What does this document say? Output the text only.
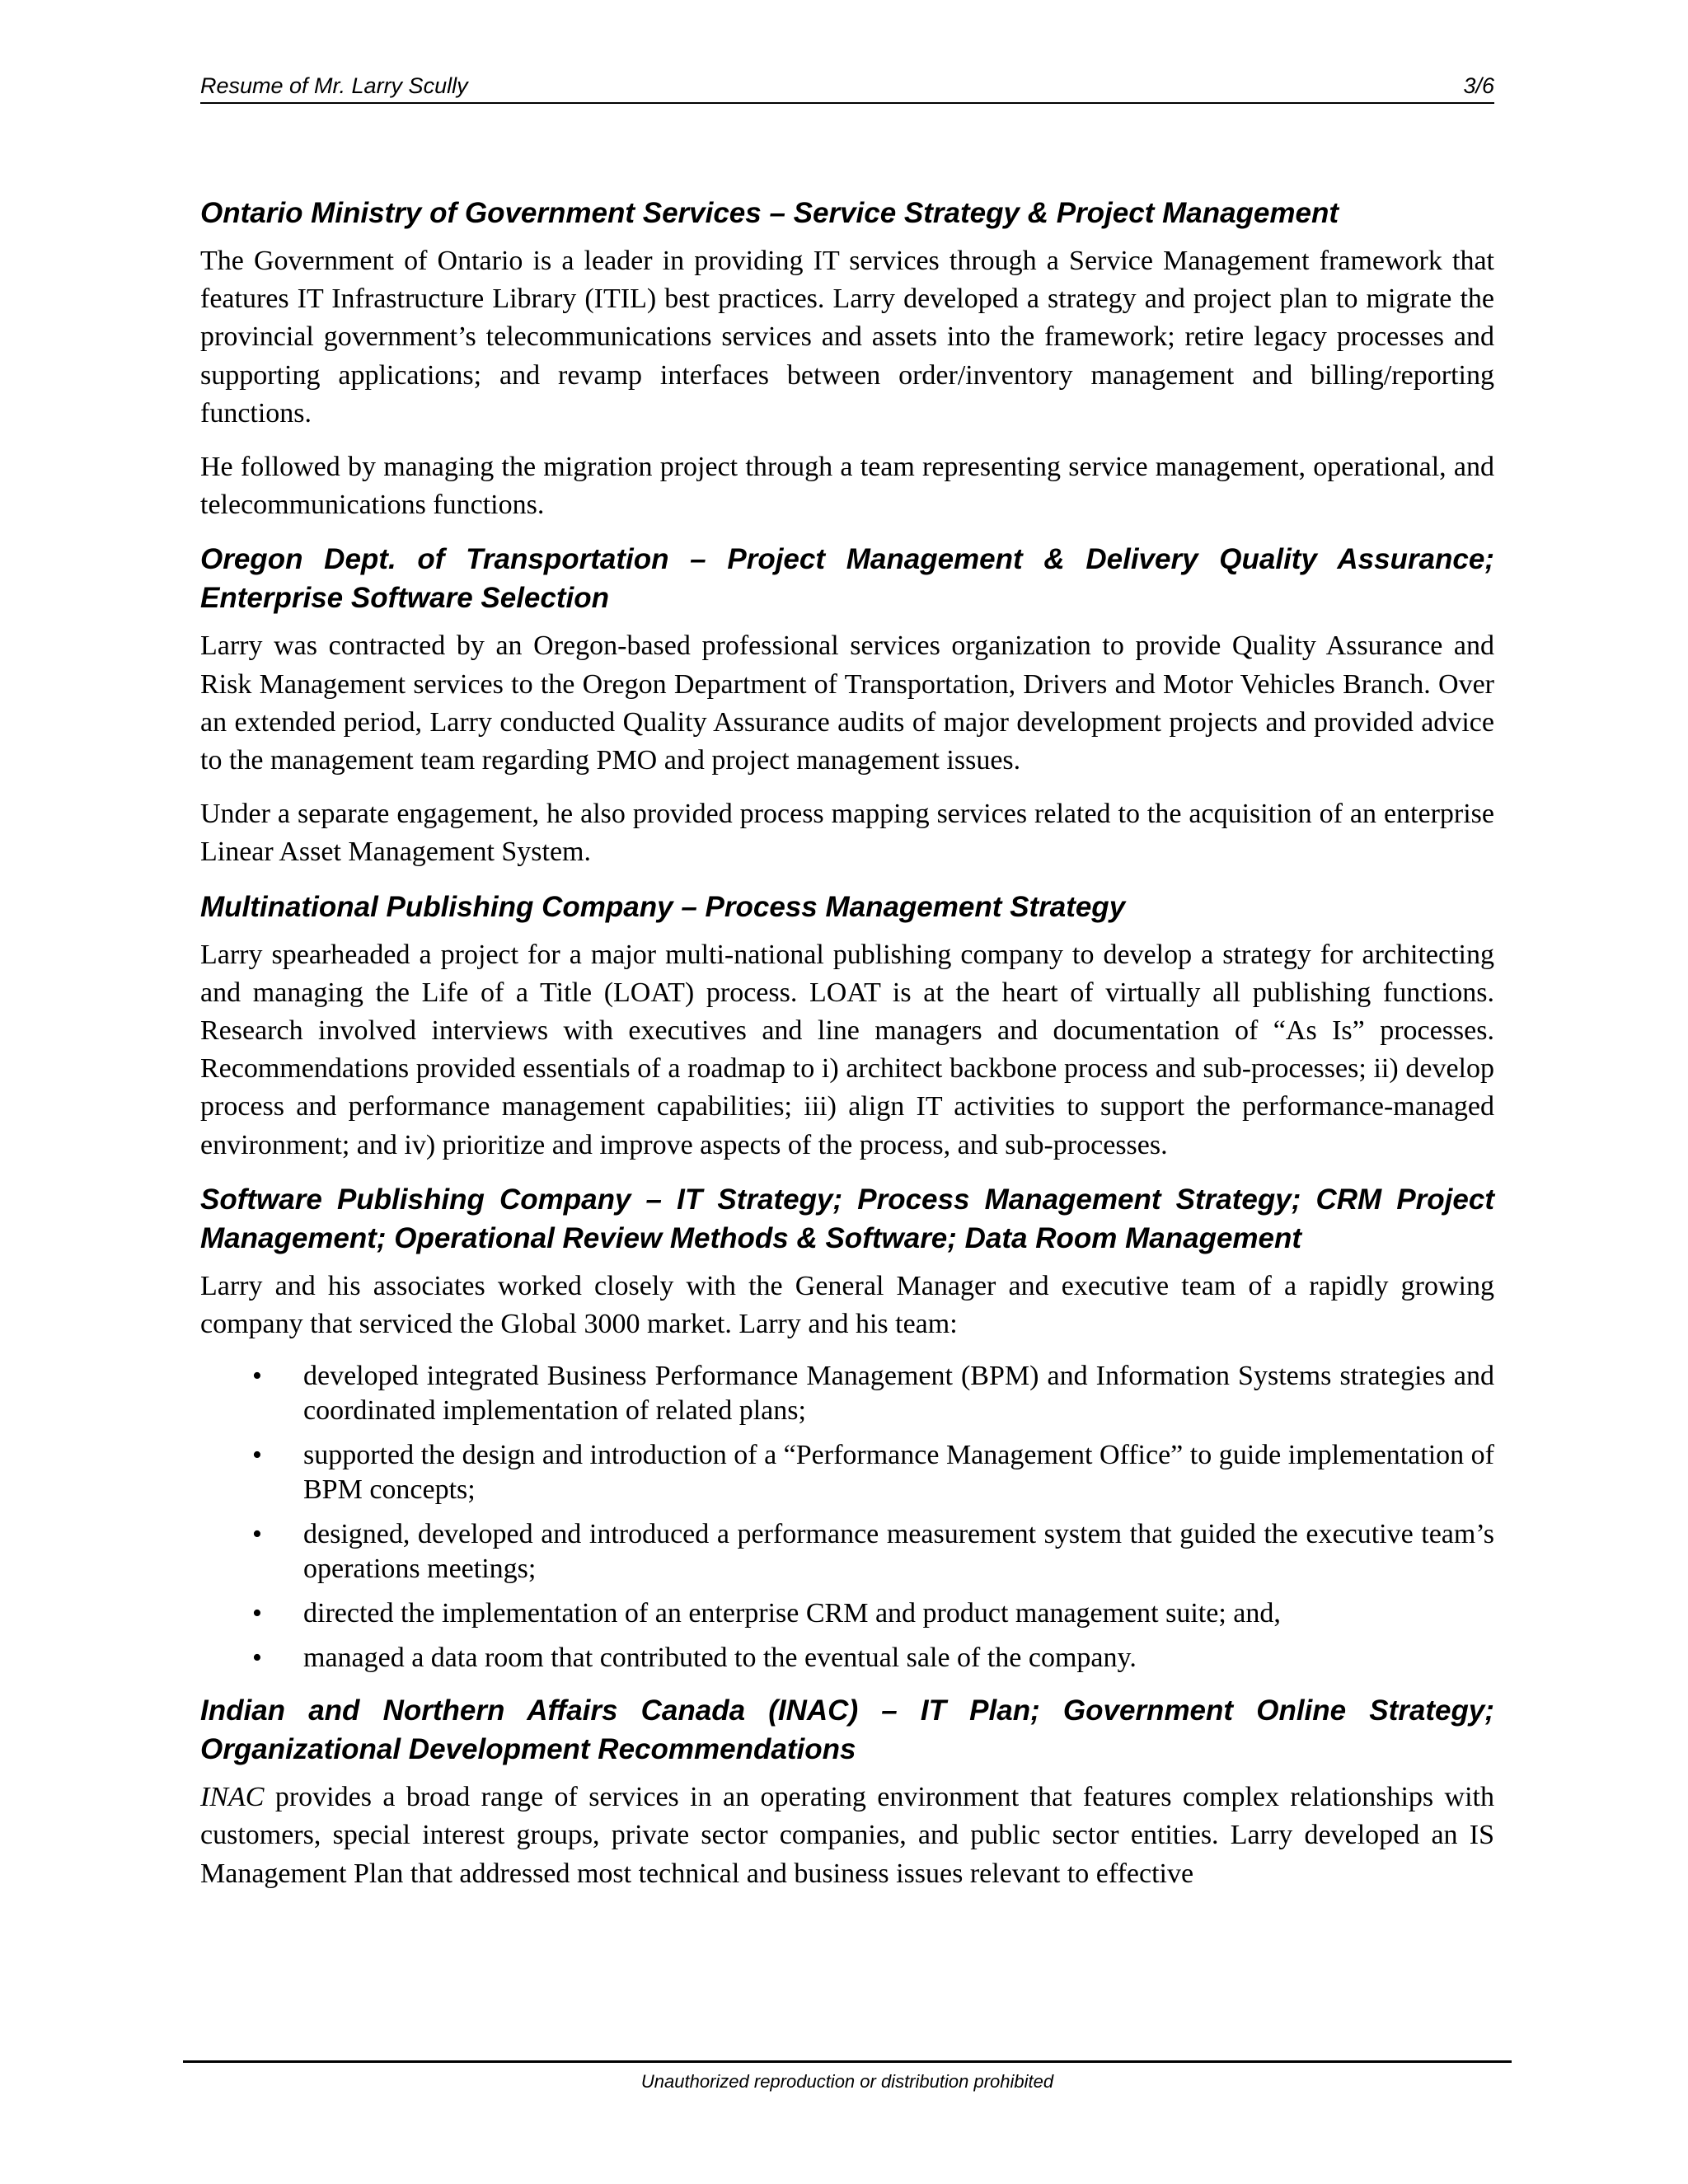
Resume of Mr. Larry Scully	3/6
Ontario Ministry of Government Services – Service Strategy & Project Management

The Government of Ontario is a leader in providing IT services through a Service Management framework that features IT Infrastructure Library (ITIL) best practices. Larry developed a strategy and project plan to migrate the provincial government’s telecommunications services and assets into the framework; retire legacy processes and supporting applications; and revamp interfaces between order/inventory management and billing/reporting functions.

He followed by managing the migration project through a team representing service management, operational, and telecommunications functions.

Oregon Dept. of Transportation – Project Management & Delivery Quality Assurance; Enterprise Software Selection

Larry was contracted by an Oregon-based professional services organization to provide Quality Assurance and Risk Management services to the Oregon Department of Transportation, Drivers and Motor Vehicles Branch. Over an extended period, Larry conducted Quality Assurance audits of major development projects and provided advice to the management team regarding PMO and project management issues.

Under a separate engagement, he also provided process mapping services related to the acquisition of an enterprise Linear Asset Management System.

Multinational Publishing Company – Process Management Strategy

Larry spearheaded a project for a major multi-national publishing company to develop a strategy for architecting and managing the Life of a Title (LOAT) process. LOAT is at the heart of virtually all publishing functions. Research involved interviews with executives and line managers and documentation of “As Is” processes. Recommendations provided essentials of a roadmap to i) architect backbone process and sub-processes; ii) develop process and performance management capabilities; iii) align IT activities to support the performance-managed environment; and iv) prioritize and improve aspects of the process, and sub-processes.

Software Publishing Company – IT Strategy; Process Management Strategy; CRM Project Management; Operational Review Methods & Software; Data Room Management

Larry and his associates worked closely with the General Manager and executive team of a rapidly growing company that serviced the Global 3000 market. Larry and his team:

• developed integrated Business Performance Management (BPM) and Information Systems strategies and coordinated implementation of related plans;
• supported the design and introduction of a “Performance Management Office” to guide implementation of BPM concepts;
• designed, developed and introduced a performance measurement system that guided the executive team’s operations meetings;
• directed the implementation of an enterprise CRM and product management suite; and,
• managed a data room that contributed to the eventual sale of the company.
Indian and Northern Affairs Canada (INAC) – IT Plan; Government Online Strategy; Organizational Development Recommendations

INAC provides a broad range of services in an operating environment that features complex relationships with customers, special interest groups, private sector companies, and public sector entities. Larry developed an IS Management Plan that addressed most technical and business issues relevant to effective

Unauthorized reproduction or distribution prohibited
